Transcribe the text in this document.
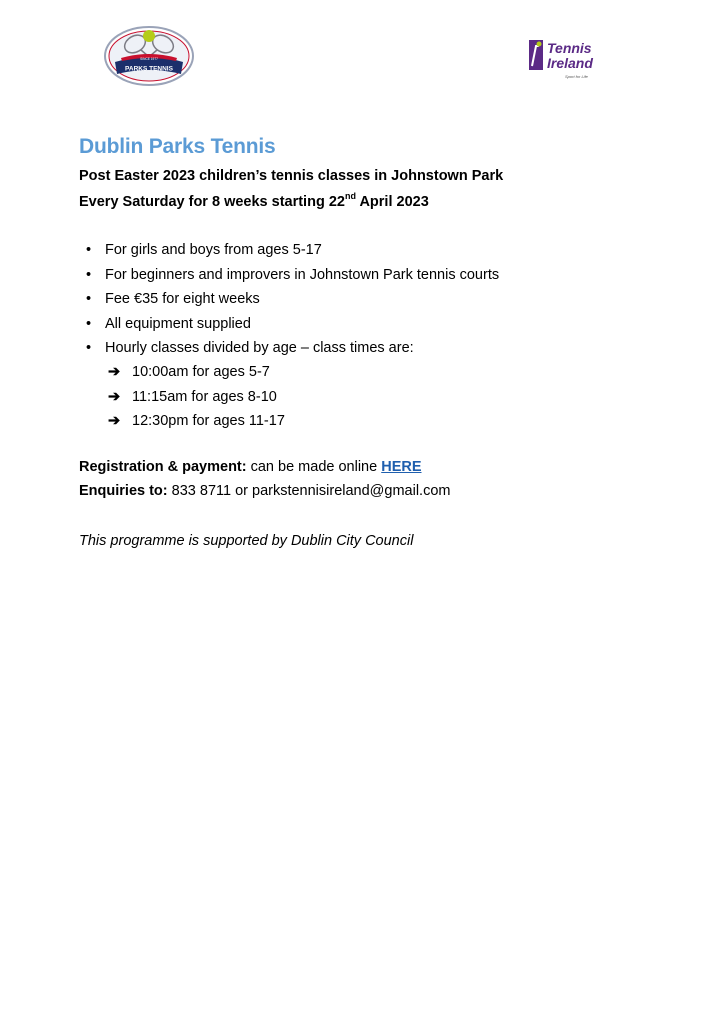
SINCE 1977
PARKS TENNIS
Tennis
Ireland
Sport for Life
Dublin Parks Tennis

Post Easter 2023 children’s tennis classes in Johnstown Park

Every Saturday for 8 weeks starting 22nd April 2023

• For girls and boys from ages 5-17
• For beginners and improvers in Johnstown Park tennis courts
• Fee €35 for eight weeks
• All equipment supplied
• Hourly classes divided by age – class times are:
➔ 10:00am for ages 5-7
➔ 11:15am for ages 8-10
➔ 12:30pm for ages 11-17

Registration & payment: can be made online HERE

Enquiries to: 833 8711 or parkstennisireland@gmail.com

This programme is supported by Dublin City Council
